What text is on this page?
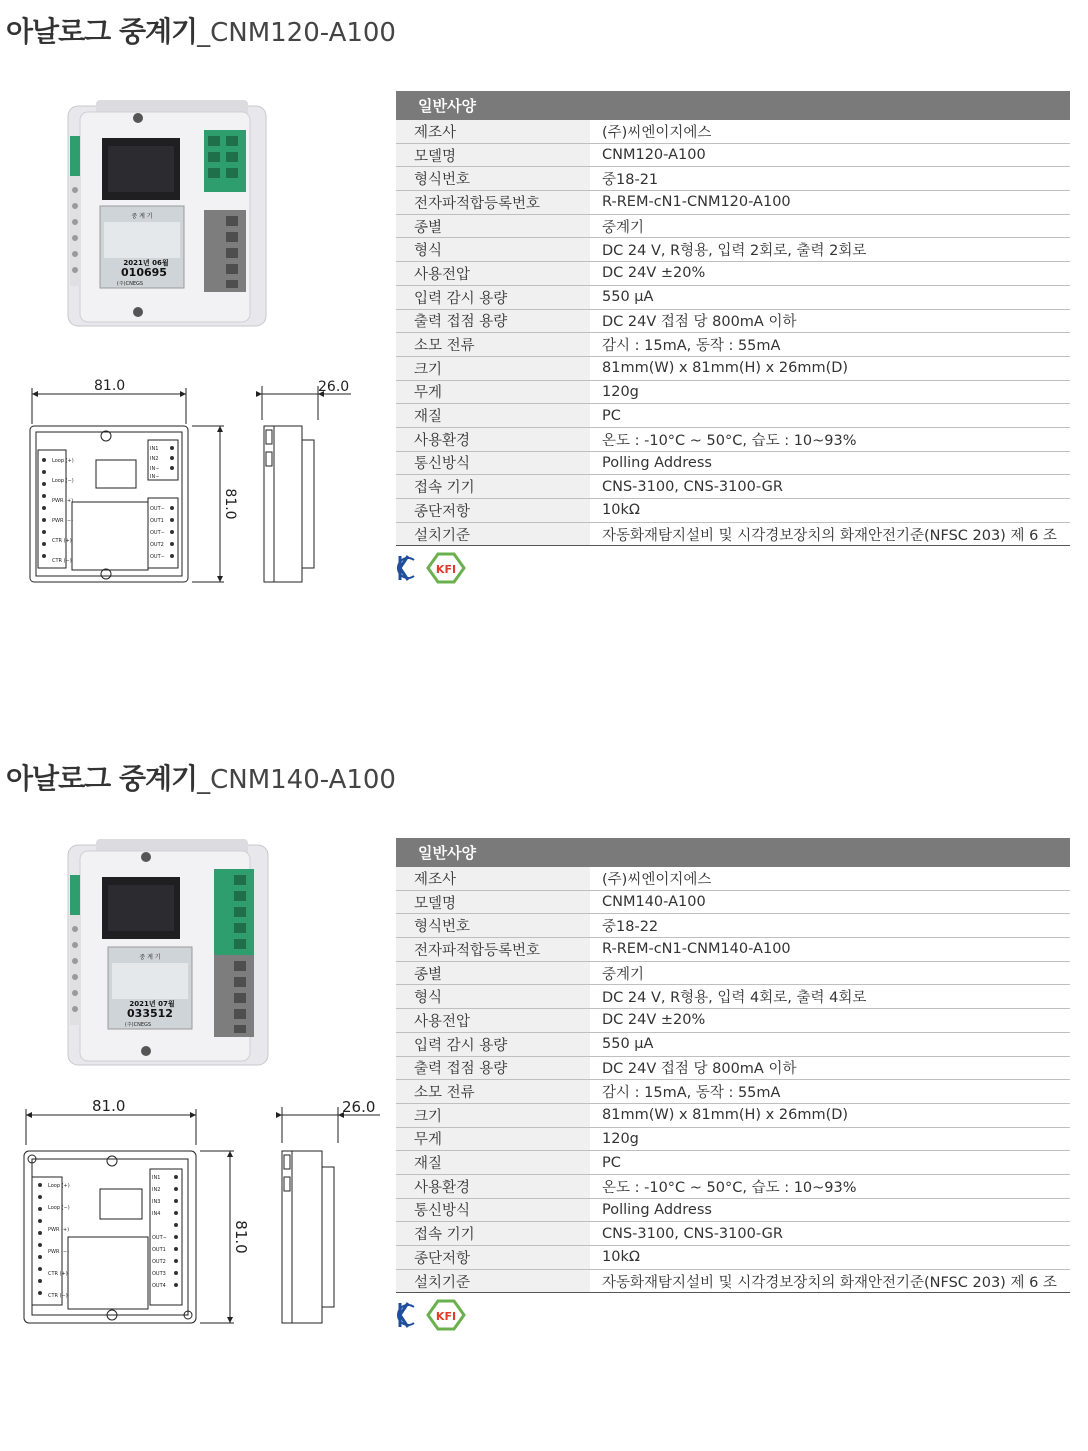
아날로그 중계기_CNM120-A100
중 계 기
2021년 06월
010695
(주)CNEGS
Loop (+)
Loop (−)
PWR (+)
PWR (−)
CTR (+)
CTR (−)
IN1
IN2
IN−
IN−
OUT−
OUT1
OUT−
OUT2
OUT−
81.0	26.0
81.0
일반사양	
제조사	(주)씨엔이지에스
모델명	CNM120-A100
형식번호	중18-21
전자파적합등록번호	R-REM-cN1-CNM120-A100
종별	중계기
형식	DC 24 V, R형용, 입력 2회로, 출력 2회로
사용전압	DC 24V ±20%
입력 감시 용량	550 μA
출력 접점 용량	DC 24V 접점 당 800mA 이하
소모 전류	감시 : 15mA, 동작 : 55mA
크기	81mm(W) x 81mm(H) x 26mm(D)
무게	120g
재질	PC
사용환경	온도 : -10°C ~ 50°C, 습도 : 10~93%
통신방식	Polling Address
접속 기기	CNS-3100, CNS-3100-GR
종단저항	10kΩ
설치기준	자동화재탐지설비 및 시각경보장치의 화재안전기준(NFSC 203) 제 6 조
KFI
아날로그 중계기_CNM140-A100
중 계 기
2021년 07월
033512
(주)CNEGS
Loop (+)
Loop (−)
PWR (+)
PWR (−)
CTR (+)
CTR (−)
IN1
IN2
IN3
IN4
OUT−
OUT1
OUT2
OUT3
OUT4
81.0	26.0
81.0
일반사양	
제조사	(주)씨엔이지에스
모델명	CNM140-A100
형식번호	중18-22
전자파적합등록번호	R-REM-cN1-CNM140-A100
종별	중계기
형식	DC 24 V, R형용, 입력 4회로, 출력 4회로
사용전압	DC 24V ±20%
입력 감시 용량	550 μA
출력 접점 용량	DC 24V 접점 당 800mA 이하
소모 전류	감시 : 15mA, 동작 : 55mA
크기	81mm(W) x 81mm(H) x 26mm(D)
무게	120g
재질	PC
사용환경	온도 : -10°C ~ 50°C, 습도 : 10~93%
통신방식	Polling Address
접속 기기	CNS-3100, CNS-3100-GR
종단저항	10kΩ
설치기준	자동화재탐지설비 및 시각경보장치의 화재안전기준(NFSC 203) 제 6 조
KFI
